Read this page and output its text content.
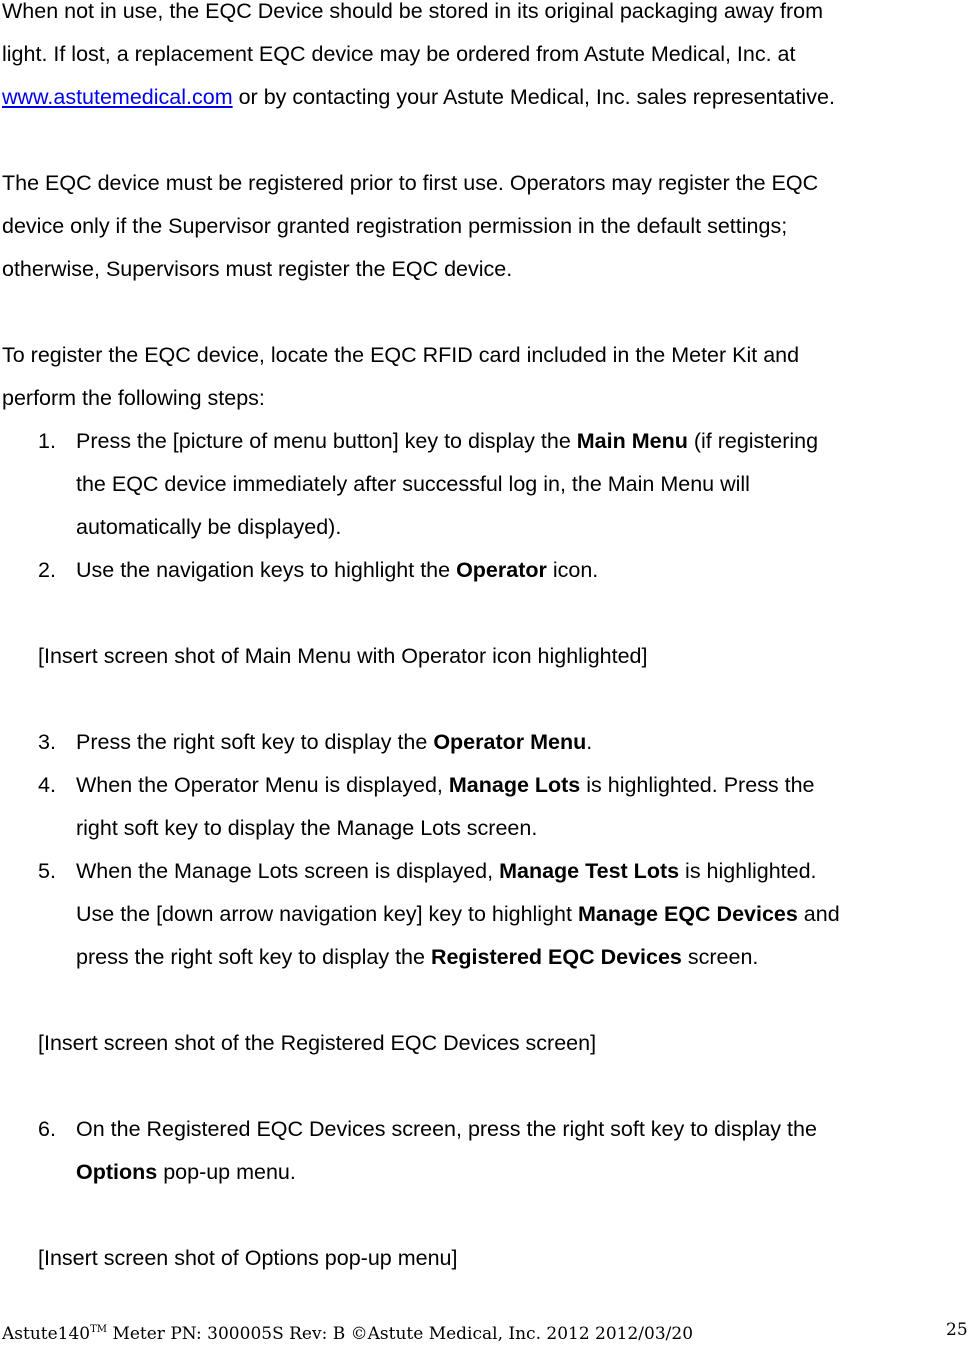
When not in use, the EQC Device should be stored in its original packaging away from
light. If lost, a replacement EQC device may be ordered from Astute Medical, Inc. at
www.astutemedical.com or by contacting your Astute Medical, Inc. sales representative.
The EQC device must be registered prior to first use. Operators may register the EQC
device only if the Supervisor granted registration permission in the default settings;
otherwise, Supervisors must register the EQC device.
To register the EQC device, locate the EQC RFID card included in the Meter Kit and
perform the following steps:
1. Press the [picture of menu button] key to display the Main Menu (if registering
the EQC device immediately after successful log in, the Main Menu will
automatically be displayed).
2. Use the navigation keys to highlight the Operator icon.
[Insert screen shot of Main Menu with Operator icon highlighted]
3. Press the right soft key to display the Operator Menu.
4. When the Operator Menu is displayed, Manage Lots is highlighted. Press the
right soft key to display the Manage Lots screen.
5. When the Manage Lots screen is displayed, Manage Test Lots is highlighted.
Use the [down arrow navigation key] key to highlight Manage EQC Devices and
press the right soft key to display the Registered EQC Devices screen.
[Insert screen shot of the Registered EQC Devices screen]
6. On the Registered EQC Devices screen, press the right soft key to display the
Options pop-up menu.
[Insert screen shot of Options pop-up menu]
Astute140™ Meter PN: 300005S Rev: B ©Astute Medical, Inc. 2012 2012/03/20	25
